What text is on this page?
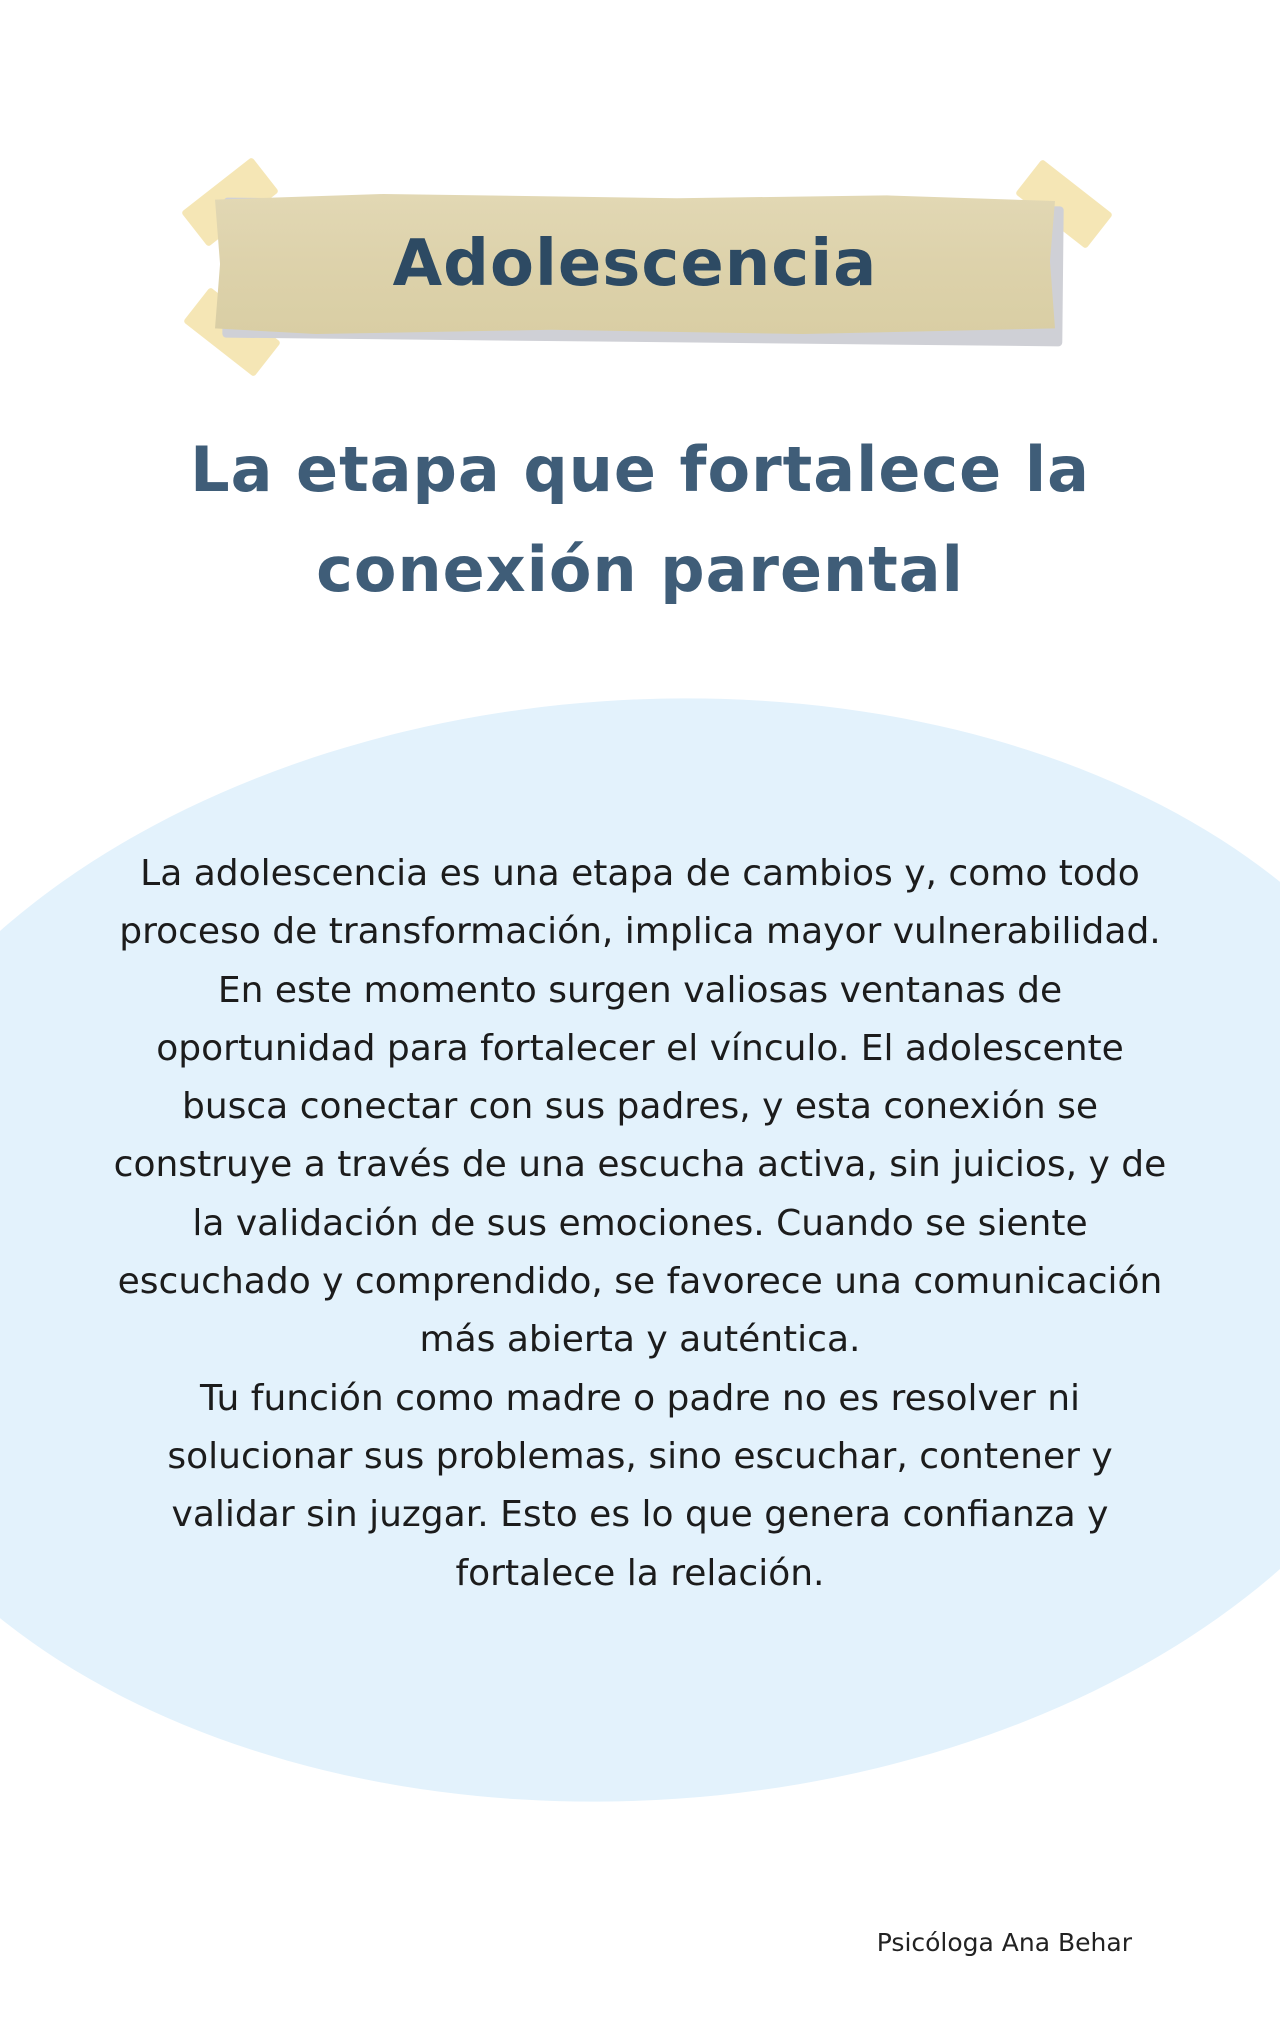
Adolescencia
La etapa que fortalece la
conexión parental

La adolescencia es una etapa de cambios y, como todo proceso de transformación, implica mayor vulnerabilidad. En este momento surgen valiosas ventanas de oportunidad para fortalecer el vínculo. El adolescente busca conectar con sus padres, y esta conexión se construye a través de una escucha activa, sin juicios, y de la validación de sus emociones. Cuando se siente escuchado y comprendido, se favorece una comunicación más abierta y auténtica.

Tu función como madre o padre no es resolver ni solucionar sus problemas, sino escuchar, contener y validar sin juzgar. Esto es lo que genera confianza y fortalece la relación.

Psicóloga Ana Behar
